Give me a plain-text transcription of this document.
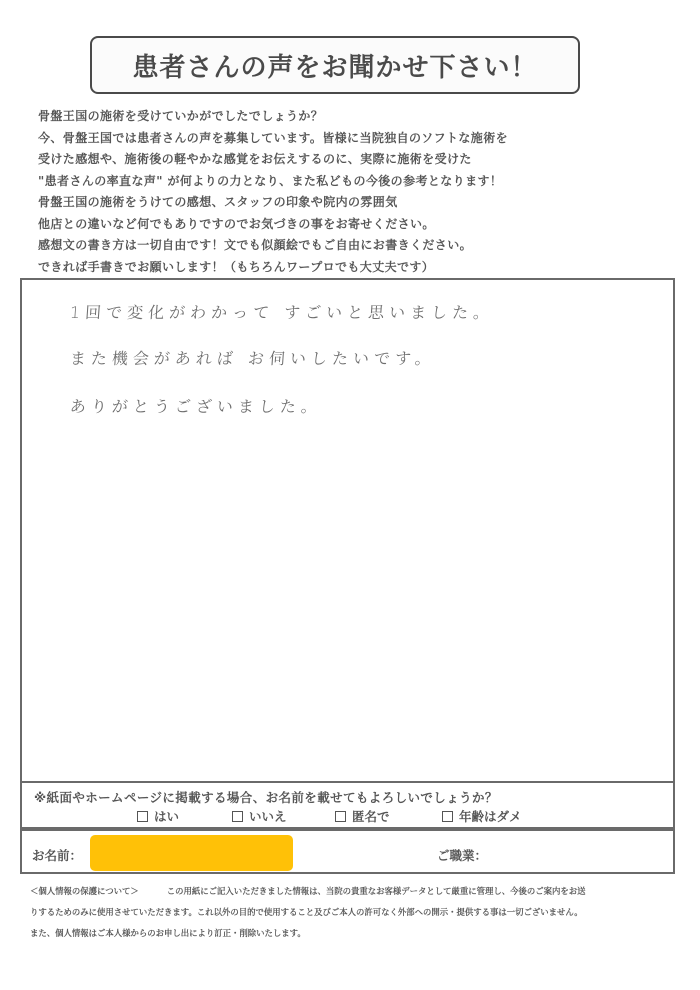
患者さんの声をお聞かせ下さい！
骨盤王国の施術を受けていかがでしたでしょうか？
今、骨盤王国では患者さんの声を募集しています。皆様に当院独自のソフトな施術を
受けた感想や、施術後の軽やかな感覚をお伝えするのに、実際に施術を受けた
"患者さんの率直な声" が何よりの力となり、また私どもの今後の参考となります！
骨盤王国の施術をうけての感想、スタッフの印象や院内の雰囲気
他店との違いなど何でもありですのでお気づきの事をお寄せください。
感想文の書き方は一切自由です！文でも似顔絵でもご自由にお書きください。
できれば手書きでお願いします！（もちろんワープロでも大丈夫です）
1回で変化がわかって すごいと思いました。
また機会があれば お伺いしたいです。
ありがとうございました。
※紙面やホームページに掲載する場合、お名前を載せてもよろしいでしょうか？
はい	いいえ	匿名で	年齢はダメ
お名前：	ご職業：
＜個人情報の保護について＞	この用紙にご記入いただきました情報は、当院の貴重なお客様データとして厳重に管理し、今後のご案内をお送
りするためのみに使用させていただきます。これ以外の目的で使用すること及びご本人の許可なく外部への開示・提供する事は一切ございません。
また、個人情報はご本人様からのお申し出により訂正・削除いたします。
